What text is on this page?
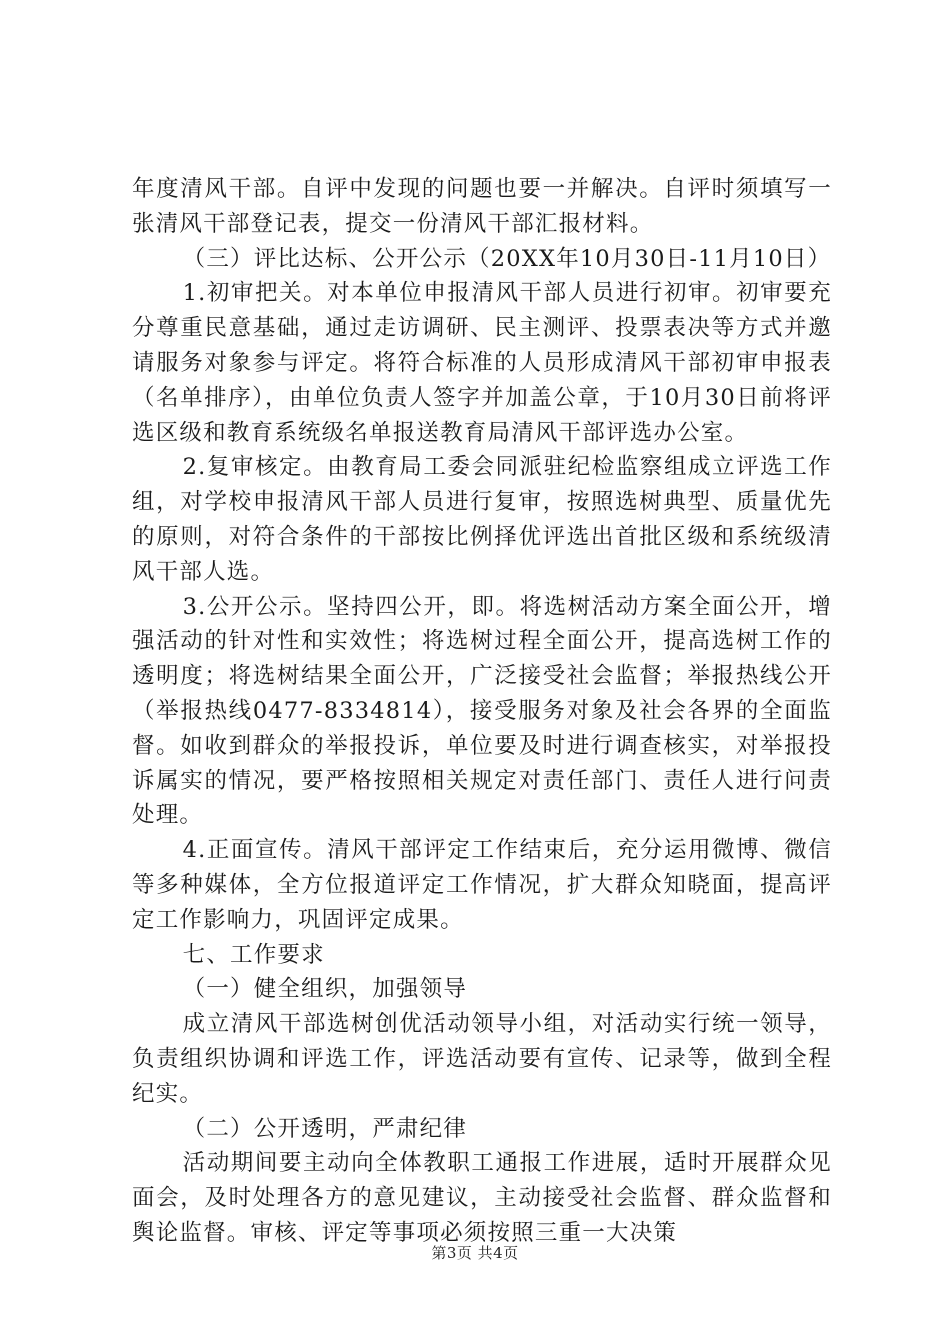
年度清风干部。自评中发现的问题也要一并解决。自评时须填写一张清风干部登记表，提交一份清风干部汇报材料。

（三）评比达标、公开公示（20XX年10月30日-11月10日）

1.初审把关。对本单位申报清风干部人员进行初审。初审要充分尊重民意基础，通过走访调研、民主测评、投票表决等方式并邀请服务对象参与评定。将符合标准的人员形成清风干部初审申报表（名单排序），由单位负责人签字并加盖公章，于10月30日前将评选区级和教育系统级名单报送教育局清风干部评选办公室。

2.复审核定。由教育局工委会同派驻纪检监察组成立评选工作组，对学校申报清风干部人员进行复审，按照选树典型、质量优先的原则，对符合条件的干部按比例择优评选出首批区级和系统级清风干部人选。

3.公开公示。坚持四公开，即。将选树活动方案全面公开，增强活动的针对性和实效性；将选树过程全面公开，提高选树工作的透明度；将选树结果全面公开，广泛接受社会监督；举报热线公开（举报热线0477-8334814），接受服务对象及社会各界的全面监督。如收到群众的举报投诉，单位要及时进行调查核实，对举报投诉属实的情况，要严格按照相关规定对责任部门、责任人进行问责处理。

4.正面宣传。清风干部评定工作结束后，充分运用微博、微信等多种媒体，全方位报道评定工作情况，扩大群众知晓面，提高评定工作影响力，巩固评定成果。

七、工作要求

（一）健全组织，加强领导

成立清风干部选树创优活动领导小组，对活动实行统一领导，负责组织协调和评选工作，评选活动要有宣传、记录等，做到全程纪实。

（二）公开透明，严肃纪律

活动期间要主动向全体教职工通报工作进展，适时开展群众见面会，及时处理各方的意见建议，主动接受社会监督、群众监督和舆论监督。审核、评定等事项必须按照三重一大决策

第3页 共4页
